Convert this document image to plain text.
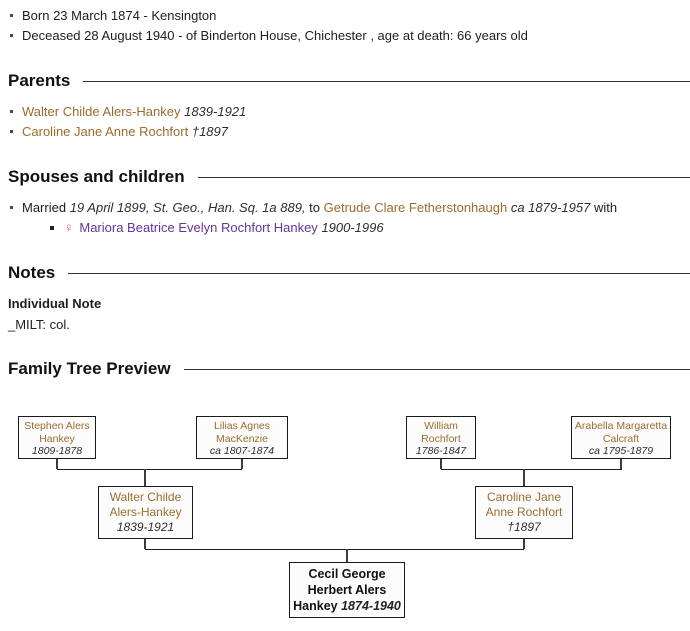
Born 23 March 1874 - Kensington
Deceased 28 August 1940 - of Binderton House, Chichester , age at death: 66 years old
Parents
Walter Childe Alers-Hankey 1839-1921
Caroline Jane Anne Rochfort †1897
Spouses and children
Married 19 April 1899, St. Geo., Han. Sq. 1a 889, to Getrude Clare Fetherstonhaugh ca 1879-1957 with
♀ Mariora Beatrice Evelyn Rochfort Hankey 1900-1996
Notes
Individual Note
_MILT: col.
Family Tree Preview
Stephen Alers
Hankey
1809-1878
Lilias Agnes
MacKenzie
ca 1807-1874
William
Rochfort
1786-1847
Arabella Margaretta
Calcraft
ca 1795-1879
Walter Childe
Alers-Hankey
1839-1921
Caroline Jane
Anne Rochfort
†1897
Cecil George
Herbert Alers
Hankey 1874-1940
